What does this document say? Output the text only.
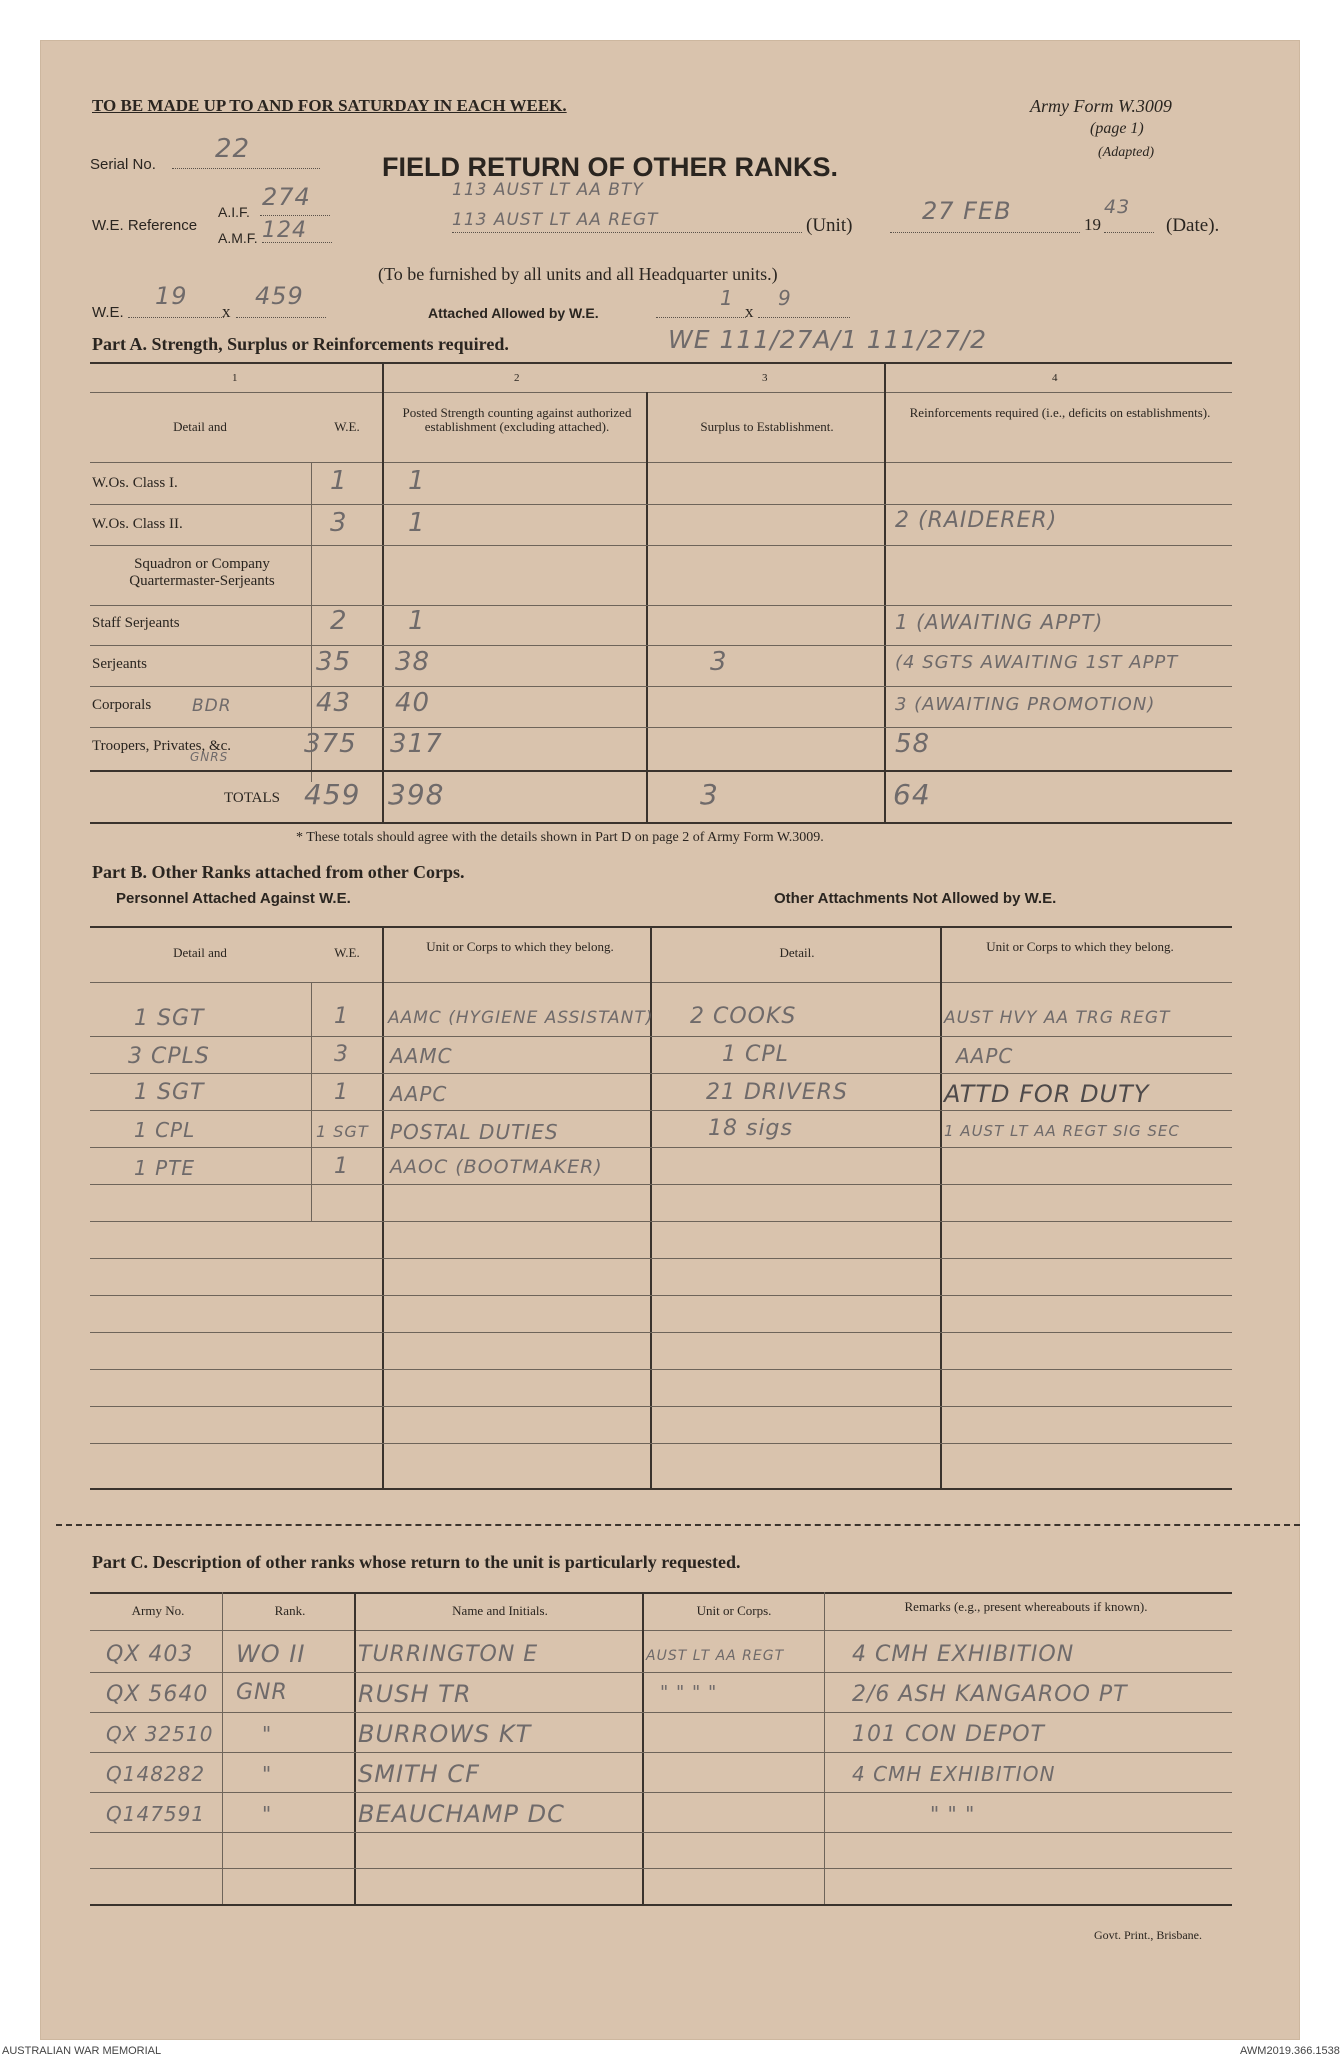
TO BE MADE UP TO AND FOR SATURDAY IN EACH WEEK.	Army Form W.3009
(page 1)
(Adapted)
Serial No.
22
FIELD RETURN OF OTHER RANKS.
W.E. Reference
A.I.F.
274
A.M.F. 124
113 AUST LT AA BTY
113 AUST LT AA REGT	(Unit)
27 FEB	19
43
(Date).
(To be furnished by all units and all Headquarter units.)
W.E.
19
x
459
Attached Allowed by W.E.
1
x
9
Part A. Strength, Surplus or Reinforcements required.	WE 111/27A/1 111/27/2
1	2	3	4
Detail and	W.E.
Posted Strength counting against authorized establishment (excluding attached).	Surplus to Establishment.
Reinforcements required (i.e., deficits on establishments).
W.Os. Class I.	1 1
W.Os. Class II.	3 1	2 (RAIDERER)
Squadron or Company Quartermaster-Serjeants
Staff Serjeants	2 1	1 (AWAITING APPT)
Serjeants	35 38	3	(4 SGTS AWAITING 1ST APPT
Corporals BDR	43 40	3 (AWAITING PROMOTION)
Troopers, Privates, &c.
GNRS	375 317	58
TOTALS 459 398	3	64
* These totals should agree with the details shown in Part D on page 2 of Army Form W.3009.
Part B. Other Ranks attached from other Corps.
Personnel Attached Against W.E.	Other Attachments Not Allowed by W.E.
Detail and	W.E.	Unit or Corps to which they belong.	Detail.	Unit or Corps to which they belong.
1 SGT	1 AAMC (HYGIENE ASSISTANT) 2 COOKS	AUST HVY AA TRG REGT
3 CPLS	3 AAMC	1 CPL	AAPC
1 SGT	1 AAPC	21 DRIVERS	ATTD FOR DUTY
1 CPL	1 SGT POSTAL DUTIES	18 sigs	1 AUST LT AA REGT SIG SEC
1 PTE	1 AAOC (BOOTMAKER)
Part C. Description of other ranks whose return to the unit is particularly requested.
Army No.	Rank.	Name and Initials.	Unit or Corps.	Remarks (e.g., present whereabouts if known).
QX 403 WO II TURRINGTON E	AUST LT AA REGT	4 CMH EXHIBITION
QX 5640 GNR	RUSH TR	" " " "	2/6 ASH KANGAROO PT
QX 32510 "	BURROWS KT	101 CON DEPOT
Q148282	"	SMITH CF	4 CMH EXHIBITION
Q147591	"	BEAUCHAMP DC	" " "
Govt. Print., Brisbane.
AUSTRALIAN WAR MEMORIAL	AWM2019.366.1538
